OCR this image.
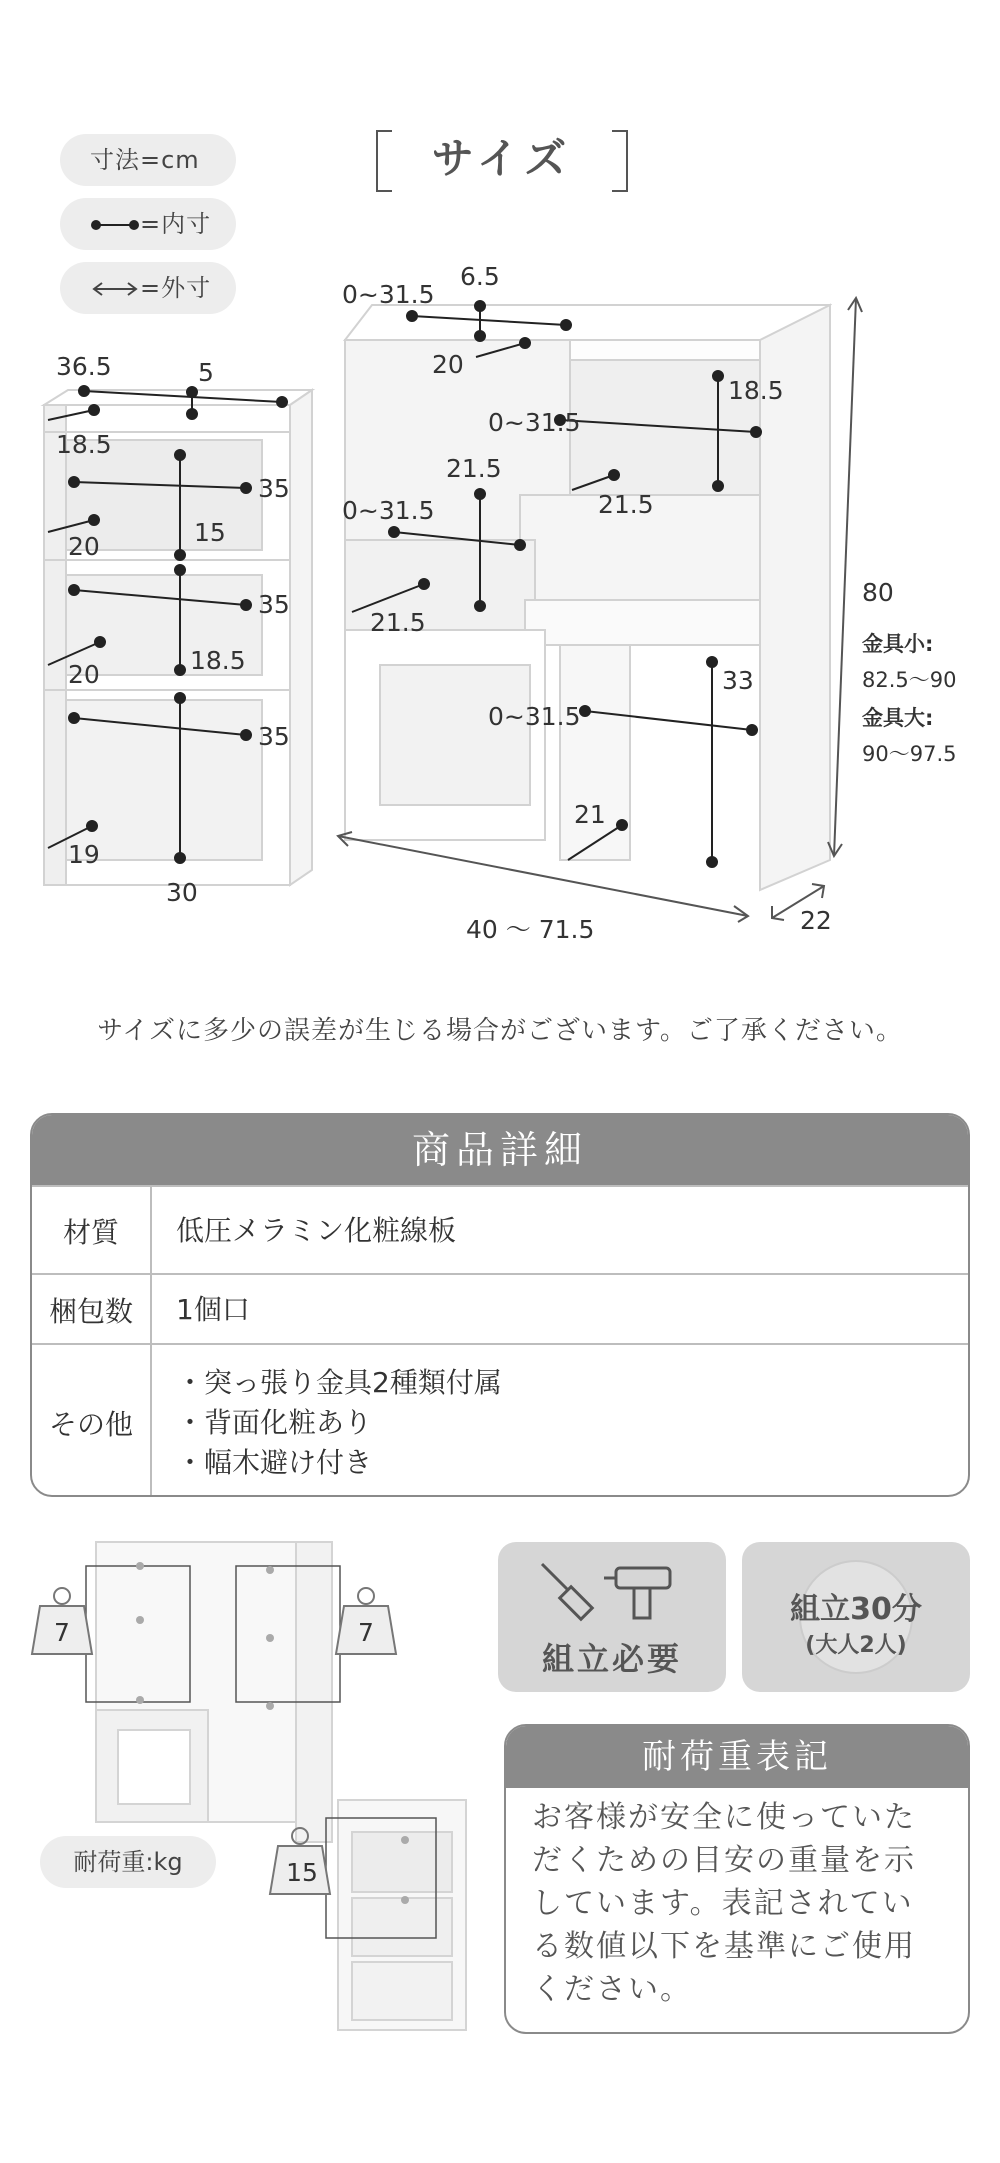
寸法=cm
=内寸
=外寸
サイズ
36.5	5
18.5
35
15
20
35
20	18.5
35
19
30
0~31.5
6.5
20
18.5
0~31.5
21.5
21.5
0~31.5
21.5
33
0~31.5
21
40 〜 71.5	22
80
金具小:
82.5〜90
金具大:
90〜97.5
サイズに多少の誤差が生じる場合がございます。ご了承ください。
商品詳細
材質	低圧メラミン化粧線板
梱包数	1個口
その他
・突っ張り金具2種類付属
・背面化粧あり
・幅木避け付き
7	7
15
耐荷重:kg
組立必要
組立30分
(大人2人)
耐荷重表記
お客様が安全に使っていただくための目安の重量を示しています。表記されている数値以下を基準にご使用ください。
